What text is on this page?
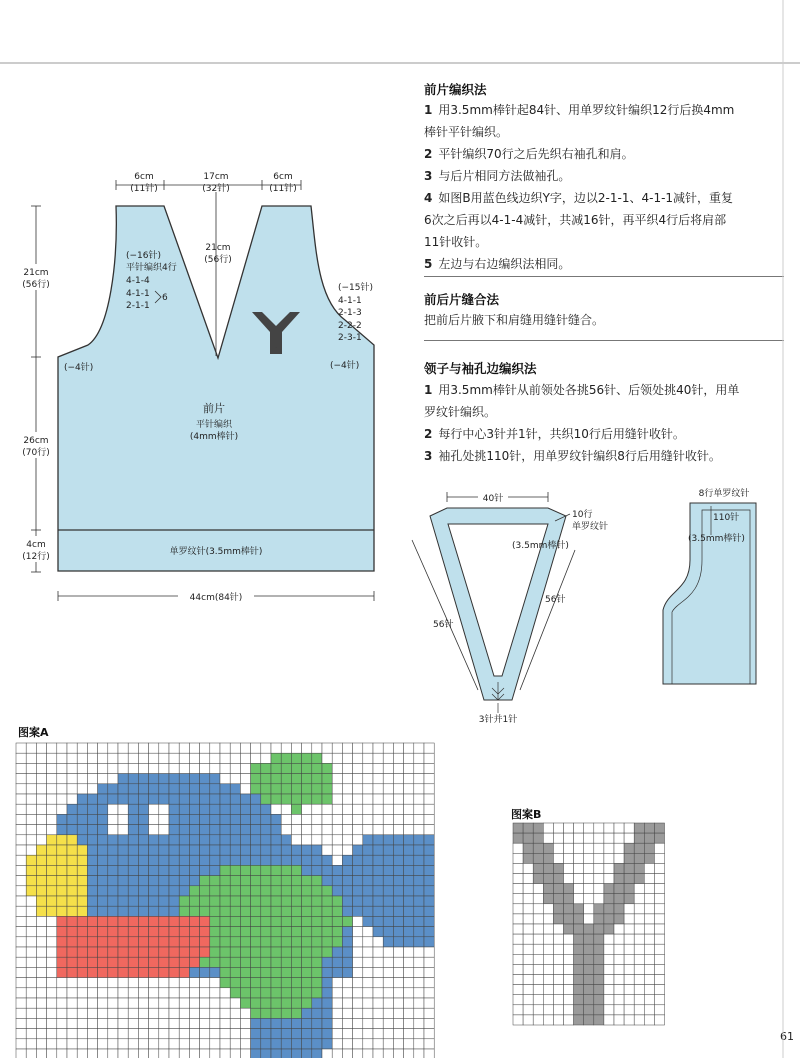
前片编织法
1 用3.5mm棒针起84针、用单罗纹针编织12行后换4mm
棒针平针编织。
2 平针编织70行之后先织右袖孔和肩。
3 与后片相同方法做袖孔。
4 如图B用蓝色线边织Y字，边以2-1-1、4-1-1减针，重复
6次之后再以4-1-4减针，共减16针，再平织4行后将肩部
11针收针。
5 左边与右边编织法相同。
前后片缝合法
把前后片腋下和肩缝用缝针缝合。
领子与袖孔边编织法
1 用3.5mm棒针从前领处各挑56针、后领处挑40针，用单
罗纹针编织。
2 每行中心3针并1针，共织10行后用缝针收针。
3 袖孔处挑110针，用单罗纹针编织8行后用缝针收针。
图案A
图案B
61
Y
6cm
(11针)
17cm
(32针)
6cm
(11针)
21cm
(56行)
21cm
(56行)
26cm
(70行)
4cm
(12行)
44cm(84针)
(−16针)
平针编织4行
4-1-4
4-1-1
2-1-1
6
(−15针)
4-1-1
2-1-3
2-2-2
2-3-1
(−4针)	(−4针)
前片
平针编织
(4mm棒针)
单罗纹针(3.5mm棒针)
40针
10行
单罗纹针
(3.5mm棒针)
56针
56针
3针并1针
8行单罗纹针
110针
(3.5mm棒针)
